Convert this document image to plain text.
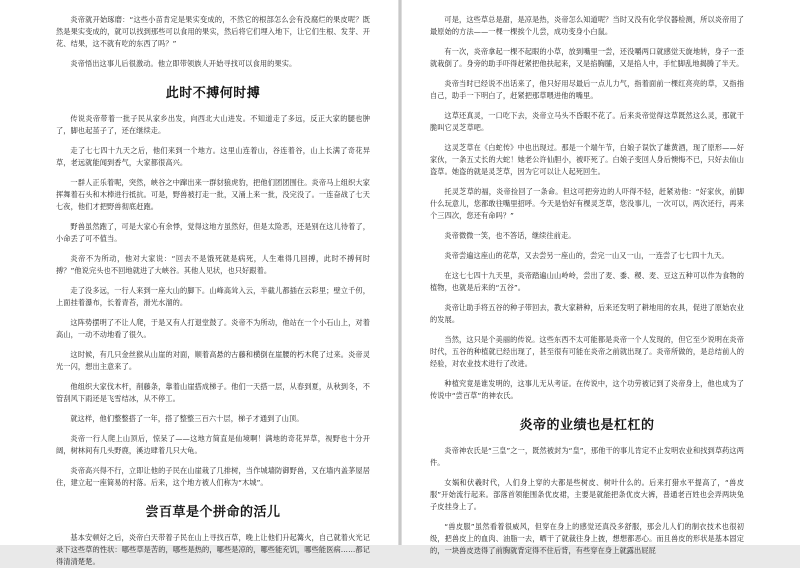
炎帝就开始琢磨：“这些小苗肯定是果实变成的，不然它的根部怎么会有没腐烂的果皮呢？既然是果实变成的，就可以找到那些可以食用的果实，然后将它们埋入地下，让它们生根、发芽、开花、结果，这不就有吃的东西了吗？”

炎帝悟出这事儿后很激动。他立即带领族人开始寻找可以食用的果实。

此时不搏何时搏

传说炎帝带着一批子民从家乡出发，向西北大山进发。不知道走了多远，反正大家的腿也肿了，脚也起茧子了，还在继续走。

走了七七四十九天之后，他们来到一个地方。这里山连着山，谷连着谷，山上长满了奇花异草，老远就能闻到香气，大家都很高兴。

一群人正乐着呢，突然，峡谷之中蹿出来一群豺狼虎豹，把他们团团围住。炎帝马上组织大家挥舞着石头和木棒进行抵抗。可是，野兽被打走一批，又涌上来一批，没完没了。一连奋战了七天七夜，他们才把野兽彻底赶跑。

野兽虽然跑了，可是大家心有余悸，觉得这地方虽然好，但是太险恶，还是别在这儿待着了，小命丢了可不值当。

炎帝不为所动，他对大家说：“回去不是饿死就是病死，人生难得几回搏，此时不搏何时搏？”他说完头也不回地就进了大峡谷。其他人见状，也只好跟着。

走了没多远，一行人来到一座大山的脚下。山峰高耸入云，半截儿都插在云彩里；壁立千仞，上面挂着瀑布，长着青苔，滑光水溜的。

这阵势摆明了不让人爬，于是又有人打退堂鼓了。炎帝不为所动，他站在一个小石山上，对着高山，一动不动地看了很久。

这时候，有几只金丝猴从山崖的对面，顺着高悬的古藤和横倒在崖腰的朽木爬了过来。炎帝灵光一闪，想出主意来了。

他组织大家伐木杆，削藤条，靠着山崖搭成梯子。他们一天搭一层，从春到夏，从秋到冬，不管刮风下雨还是飞雪结冰，从不停工。

就这样，他们整整搭了一年，搭了整整三百六十层，梯子才通到了山顶。

炎帝一行人爬上山顶后，惊呆了——这地方简直是仙境啊！满地的奇花异草，视野也十分开阔，树林间有几头野鹿，溪边肆着几只大龟。

炎帝高兴得不行，立即让他的子民在山崖栽了几排树，当作城墙防御野兽，又在墙内盖茅屋居住，建立起一座简易的村落。后来，这个地方被人们称为“木城”。

尝百草是个拼命的活儿

基本安顿好之后，炎帝白天带着子民在山上寻找百草，晚上让他们升起篝火，自己就着火光记录下这些草的性状：哪些草是苦的，哪些是热的，哪些是凉的，哪些能充饥，哪些能医病……都记得清清楚楚。

可是，这些草总是甜，是凉是热，炎帝怎么知道呢？当时又没有化学仪器检测，所以炎帝用了最原始的方法——一棵一棵挨个儿尝，成功变身小白鼠。

有一次，炎帝拿起一棵不起眼的小草，放到嘴里一尝，还没嚼两口就感觉天旋地转，身子一歪就栽倒了。身旁的助手吓得赶紧把他扶起来，又是掐胸脯，又是掐人中，手忙脚乱地揭腾了半天。

炎帝当时已经说不出话来了，他只好用尽最后一点儿力气，指着面前一棵红亮亮的草，又指指自己，助手一下明白了，赶紧把那草喂进他的嘴里。

这草还真灵，一口吃下去，炎帝立马头不昏眼不花了。后来炎帝觉得这草既然这么灵，那就干脆叫它灵芝草吧。

这灵芝草在《白蛇传》中也出现过。那是一个端午节，白娘子误饮了雄黄酒，现了原形——好家伙，一条五丈长的大蛇！她老公许仙胆小，被吓死了。白娘子变回人身后懊悔不已，只好去仙山盗草。她盗的就是灵芝草，因为它可以让人起死回生。

托灵芝草的福，炎帝捡回了一条命。但这可把旁边的人吓得不轻，赶紧劝他：“好家伙，前脚什么玩意儿，您都敢往嘴里招呼。今天是恰好有棵灵芝草，您没事儿，一次可以，两次还行，再来个三四次，您还有命吗？”

炎帝微微一笑，也不答话，继续往前走。

炎帝尝遍这座山的花草，又去尝另一座山的，尝完一山又一山，一连尝了七七四十九天。

在这七七四十九天里，炎帝踏遍山山岭岭，尝出了麦、黍、稷、麦、豆这五种可以作为食物的植物，也就是后来的“五谷”。

炎帝让助手将五谷的种子带回去，教大家耕种，后来还发明了耕地用的农具，促进了原始农业的发展。

当然，这只是个美丽的传说。这些东西不太可能都是炎帝一个人发现的，但它至少说明在炎帝时代，五谷的种植就已经出现了，甚至很有可能在炎帝之前就出现了。炎帝所做的，是总结前人的经验，对农业技术进行了改进。

种植究竟是谁发明的，这事儿无从考证。在传说中，这个功劳被记到了炎帝身上，他也成为了传说中“尝百草”的神农氏。

炎帝的业绩也是杠杠的

炎帝神农氏是“三皇”之一，既然被封为“皇”，那他干的事儿肯定不止发明农业和找到草药这两件。

女娲和伏羲时代，人们身上穿的大都是些树皮、树叶什么的。后来打猎水平提高了，“兽皮服”开始流行起来。部落首领能围条优皮裙，主要是就能把条优皮大裤，普通老百姓也会弄两块兔子皮挂身上了。

“兽皮服”虽然看着很威风，但穿在身上的感觉还真没多舒服，那会儿人们的制衣技术也很初级，把兽皮上的血肉、油脂一去，晒干了就裁往身上披，想想都恶心。而且兽皮的形状是基本固定的，一块兽皮迭得了前胸就背定得不住后背，有些穿在身上就露出屁屁
